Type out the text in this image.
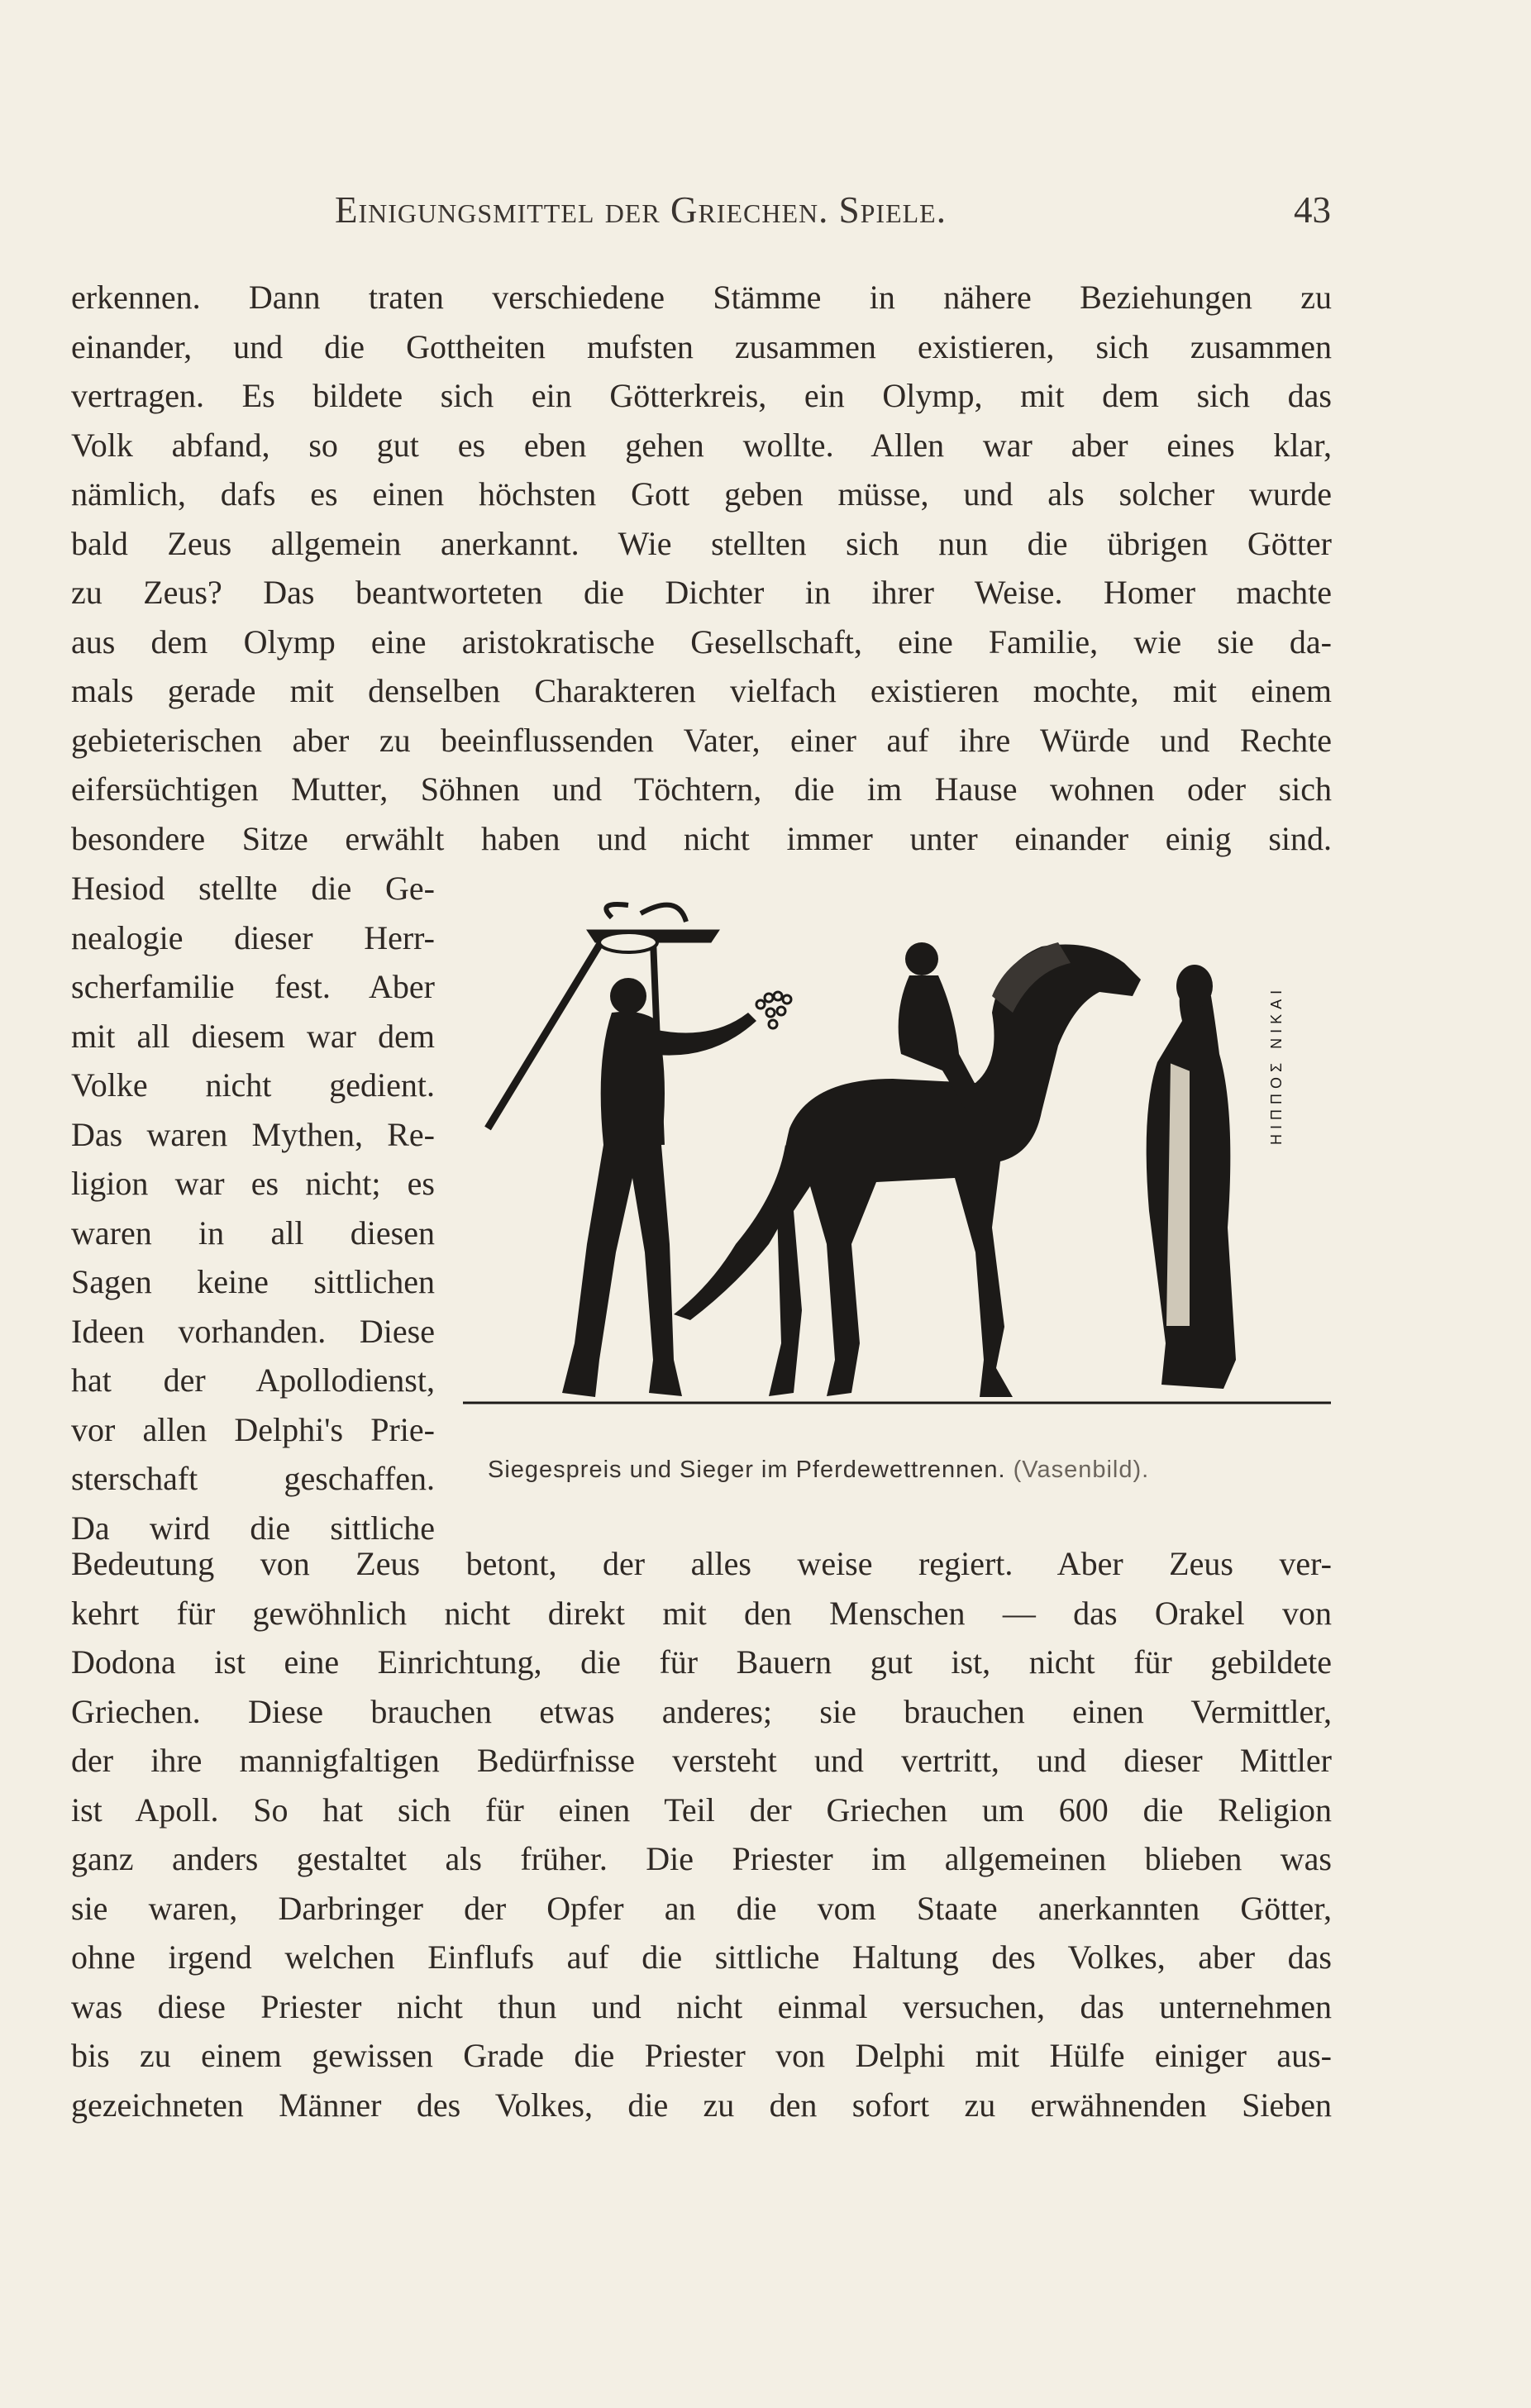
Einigungsmittel der Griechen. Spiele.	43
erkennen. Dann traten verschiedene Stämme in nähere Beziehungen zu
einander, und die Gottheiten mufsten zusammen existieren, sich zusammen
vertragen. Es bildete sich ein Götterkreis, ein Olymp, mit dem sich das
Volk abfand, so gut es eben gehen wollte. Allen war aber eines klar,
nämlich, dafs es einen höchsten Gott geben müsse, und als solcher wurde
bald Zeus allgemein anerkannt. Wie stellten sich nun die übrigen Götter
zu Zeus? Das beantworteten die Dichter in ihrer Weise. Homer machte
aus dem Olymp eine aristokratische Gesellschaft, eine Familie, wie sie da-
mals gerade mit denselben Charakteren vielfach existieren mochte, mit einem
gebieterischen aber zu beeinflussenden Vater, einer auf ihre Würde und Rechte
eifersüchtigen Mutter, Söhnen und Töchtern, die im Hause wohnen oder sich
besondere Sitze erwählt haben und nicht immer unter einander einig sind.
Hesiod stellte die Ge-
nealogie dieser Herr-
scherfamilie fest. Aber
mit all diesem war dem
Volke nicht gedient.
Das waren Mythen, Re-
ligion war es nicht; es
waren in all diesen
Sagen keine sittlichen
Ideen vorhanden. Diese
hat der Apollodienst,
vor allen Delphi's Prie-
sterschaft geschaffen.
Da wird die sittliche
ΗΙΠΠΟΣ ΝΙΚΑΙ
Siegespreis und Sieger im Pferdewettrennen. (Vasenbild).
Bedeutung von Zeus betont, der alles weise regiert. Aber Zeus ver-
kehrt für gewöhnlich nicht direkt mit den Menschen — das Orakel von
Dodona ist eine Einrichtung, die für Bauern gut ist, nicht für gebildete
Griechen. Diese brauchen etwas anderes; sie brauchen einen Vermittler,
der ihre mannigfaltigen Bedürfnisse versteht und vertritt, und dieser Mittler
ist Apoll. So hat sich für einen Teil der Griechen um 600 die Religion
ganz anders gestaltet als früher. Die Priester im allgemeinen blieben was
sie waren, Darbringer der Opfer an die vom Staate anerkannten Götter,
ohne irgend welchen Einflufs auf die sittliche Haltung des Volkes, aber das
was diese Priester nicht thun und nicht einmal versuchen, das unternehmen
bis zu einem gewissen Grade die Priester von Delphi mit Hülfe einiger aus-
gezeichneten Männer des Volkes, die zu den sofort zu erwähnenden Sieben
